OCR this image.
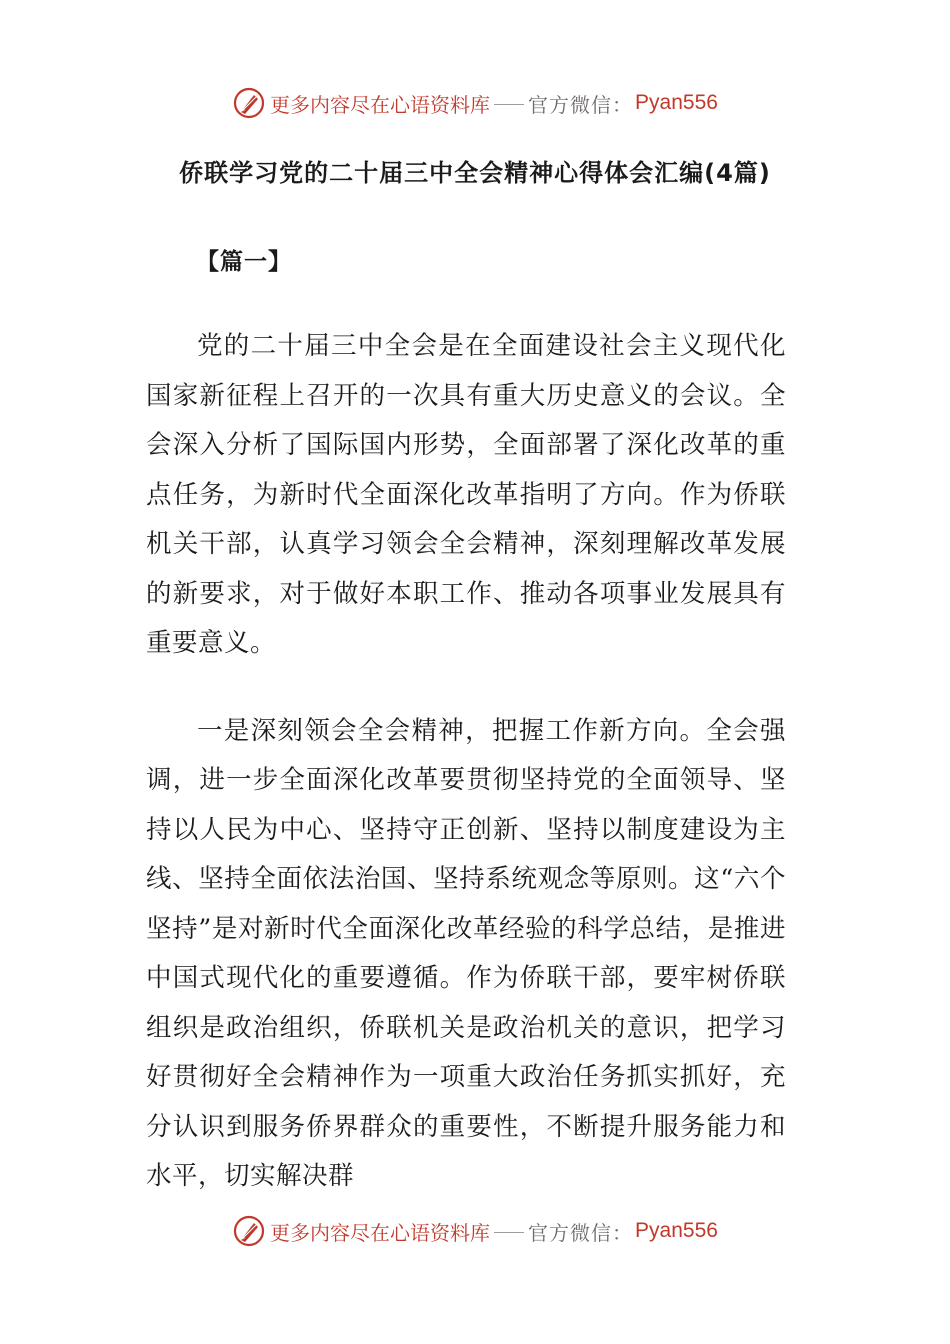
更多内容尽在心语资料库 官方微信： Pyan556
侨联学习党的二十届三中全会精神心得体会汇编(4篇)
【篇一】

党的二十届三中全会是在全面建设社会主义现代化国家新征程上召开的一次具有重大历史意义的会议。全会深入分析了国际国内形势，全面部署了深化改革的重点任务，为新时代全面深化改革指明了方向。作为侨联机关干部，认真学习领会全会精神，深刻理解改革发展的新要求，对于做好本职工作、推动各项事业发展具有重要意义。

一是深刻领会全会精神，把握工作新方向。全会强调，进一步全面深化改革要贯彻坚持党的全面领导、坚持以人民为中心、坚持守正创新、坚持以制度建设为主线、坚持全面依法治国、坚持系统观念等原则。这“六个坚持”是对新时代全面深化改革经验的科学总结，是推进中国式现代化的重要遵循。作为侨联干部，要牢树侨联组织是政治组织，侨联机关是政治机关的意识，把学习好贯彻好全会精神作为一项重大政治任务抓实抓好，充分认识到服务侨界群众的重要性，不断提升服务能力和水平，切实解决群

更多内容尽在心语资料库 官方微信： Pyan556
